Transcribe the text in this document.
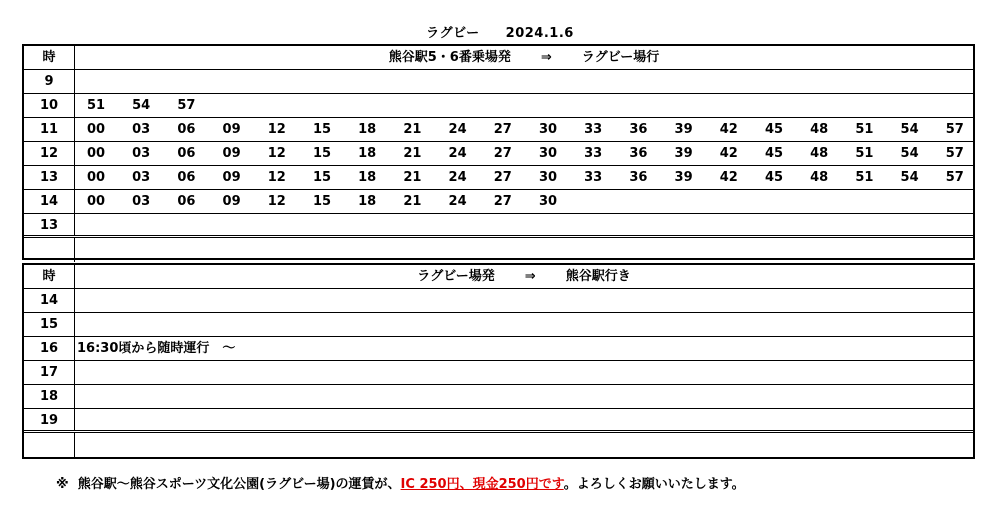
ラグビー 2024.1.6
時	熊谷駅5・6番乗場発 ⇒ ラグビー場行
9
10	51	54	57
11	00	03	06	09	12	15	18	21	24	27	30	33	36	39	42	45	48	51	54	57
12	00	03	06	09	12	15	18	21	24	27	30	33	36	39	42	45	48	51	54	57
13	00	03	06	09	12	15	18	21	24	27	30	33	36	39	42	45	48	51	54	57
14	00	03	06	09	12	15	18	21	24	27	30
13
時	ラグビー場発 ⇒ 熊谷駅行き
14
15
16	16:30頃から随時運行　～
17
18
19
※ 熊谷駅～熊谷スポーツ文化公園(ラグビー場)の運賃が、IC 250円、現金250円です。よろしくお願いいたします。
